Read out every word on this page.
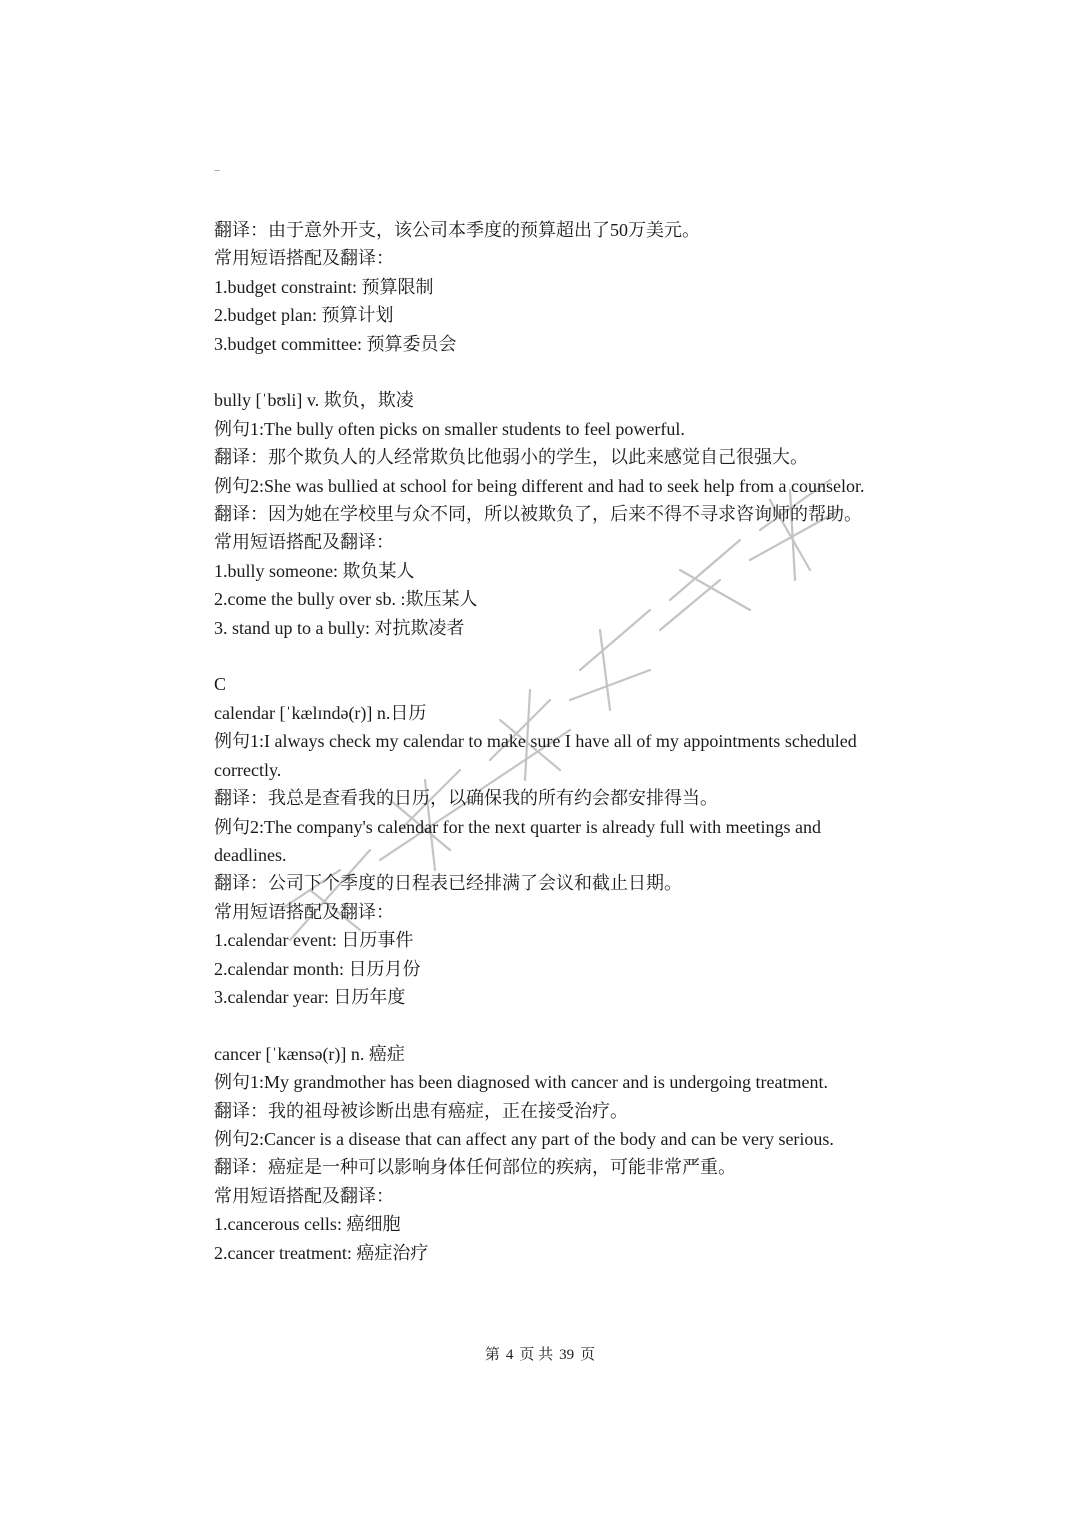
翻译：由于意外开支，该公司本季度的预算超出了50万美元。
常用短语搭配及翻译：
1.budget constraint: 预算限制
2.budget plan: 预算计划
3.budget committee: 预算委员会
bully [ˈbʊli] v. 欺负，欺凌
例句1:The bully often picks on smaller students to feel powerful.
翻译：那个欺负人的人经常欺负比他弱小的学生，以此来感觉自己很强大。
例句2:She was bullied at school for being different and had to seek help from a counselor.
翻译：因为她在学校里与众不同，所以被欺负了，后来不得不寻求咨询师的帮助。
常用短语搭配及翻译：
1.bully someone: 欺负某人
2.come the bully over sb. :欺压某人
3. stand up to a bully: 对抗欺凌者
C
calendar [ˈkælɪndə(r)] n.日历
例句1:I always check my calendar to make sure I have all of my appointments scheduled correctly.
翻译：我总是查看我的日历，以确保我的所有约会都安排得当。
例句2:The company's calendar for the next quarter is already full with meetings and deadlines.
翻译：公司下个季度的日程表已经排满了会议和截止日期。
常用短语搭配及翻译：
1.calendar event: 日历事件
2.calendar month: 日历月份
3.calendar year: 日历年度
cancer [ˈkænsə(r)] n. 癌症
例句1:My grandmother has been diagnosed with cancer and is undergoing treatment.
翻译：我的祖母被诊断出患有癌症，正在接受治疗。
例句2:Cancer is a disease that can affect any part of the body and can be very serious.
翻译：癌症是一种可以影响身体任何部位的疾病，可能非常严重。
常用短语搭配及翻译：
1.cancerous cells: 癌细胞
2.cancer treatment: 癌症治疗
第 4 页 共 39 页
